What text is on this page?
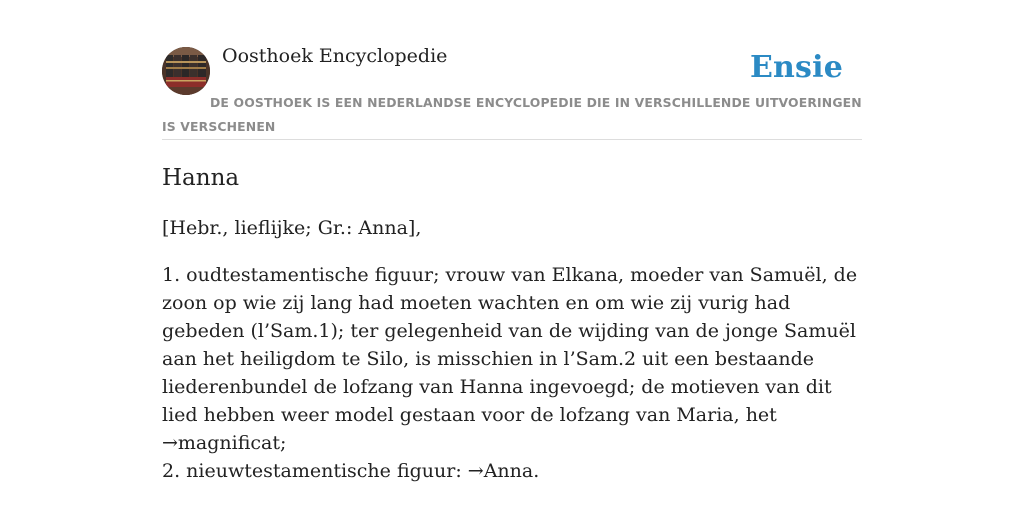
Oosthoek Encyclopedie	Ensie
DE OOSTHOEK IS EEN NEDERLANDSE ENCYCLOPEDIE DIE IN VERSCHILLENDE UITVOERINGEN IS VERSCHENEN
Hanna

[Hebr., lieflijke; Gr.: Anna],

1. oudtestamentische figuur; vrouw van Elkana, moeder van Samuël, de zoon op wie zij lang had moeten wachten en om wie zij vurig had gebeden (l’Sam.1); ter gelegenheid van de wijding van de jonge Samuël aan het heiligdom te Silo, is misschien in l’Sam.2 uit een bestaande liederenbundel de lofzang van Hanna ingevoegd; de motieven van dit lied hebben weer model gestaan voor de lofzang van Maria, het →magnificat;
2. nieuwtestamentische figuur: →Anna.
